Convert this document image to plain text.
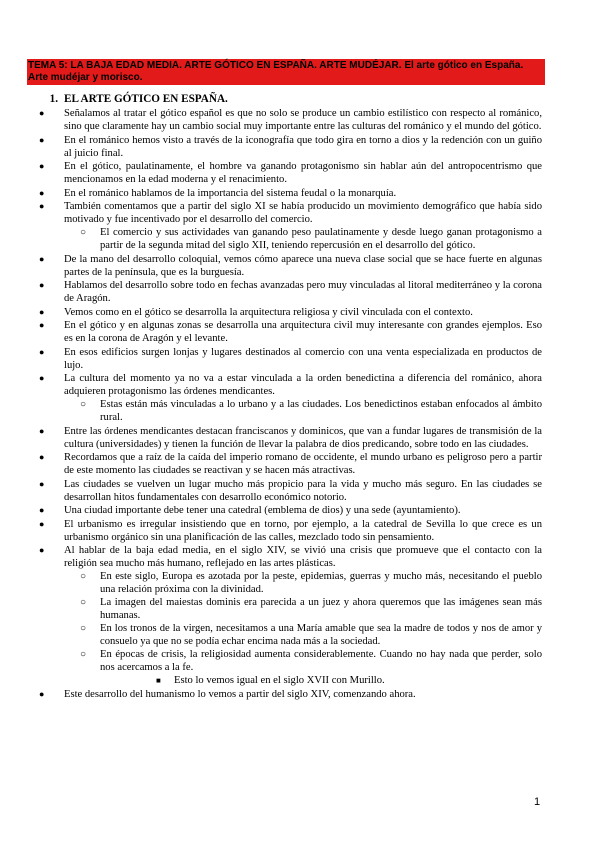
TEMA 5: LA BAJA EDAD MEDIA. ARTE GÓTICO EN ESPAÑA. ARTE MUDÉJAR. El arte gótico en España. Arte mudéjar y morisco.
1. EL ARTE GÓTICO EN ESPAÑA.
● Señalamos al tratar el gótico español es que no solo se produce un cambio estilístico con respecto al románico, sino que claramente hay un cambio social muy importante entre las culturas del románico y el mundo del gótico.
● En el románico hemos visto a través de la iconografía que todo gira en torno a dios y la redención con un guiño al juicio final.
● En el gótico, paulatinamente, el hombre va ganando protagonismo sin hablar aún del antropocentrismo que mencionamos en la edad moderna y el renacimiento.
● En el románico hablamos de la importancia del sistema feudal o la monarquía.
● También comentamos que a partir del siglo XI se había producido un movimiento demográfico que había sido motivado y fue incentivado por el desarrollo del comercio.
○ El comercio y sus actividades van ganando peso paulatinamente y desde luego ganan protagonismo a partir de la segunda mitad del siglo XII, teniendo repercusión en el desarrollo del gótico.
● De la mano del desarrollo coloquial, vemos cómo aparece una nueva clase social que se hace fuerte en algunas partes de la península, que es la burguesía.
● Hablamos del desarrollo sobre todo en fechas avanzadas pero muy vinculadas al litoral mediterráneo y la corona de Aragón.
● Vemos como en el gótico se desarrolla la arquitectura religiosa y civil vinculada con el contexto.
● En el gótico y en algunas zonas se desarrolla una arquitectura civil muy interesante con grandes ejemplos. Eso es en la corona de Aragón y el levante.
● En esos edificios surgen lonjas y lugares destinados al comercio con una venta especializada en productos de lujo.
● La cultura del momento ya no va a estar vinculada a la orden benedictina a diferencia del románico, ahora adquieren protagonismo las órdenes mendicantes.
○ Estas están más vinculadas a lo urbano y a las ciudades. Los benedictinos estaban enfocados al ámbito rural.
● Entre las órdenes mendicantes destacan franciscanos y dominicos, que van a fundar lugares de transmisión de la cultura (universidades) y tienen la función de llevar la palabra de dios predicando, sobre todo en las ciudades.
● Recordamos que a raíz de la caída del imperio romano de occidente, el mundo urbano es peligroso pero a partir de este momento las ciudades se reactivan y se hacen más atractivas.
● Las ciudades se vuelven un lugar mucho más propicio para la vida y mucho más seguro. En las ciudades se desarrollan hitos fundamentales con desarrollo económico notorio.
● Una ciudad importante debe tener una catedral (emblema de dios) y una sede (ayuntamiento).
● El urbanismo es irregular insistiendo que en torno, por ejemplo, a la catedral de Sevilla lo que crece es un urbanismo orgánico sin una planificación de las calles, mezclado todo sin pensamiento.
● Al hablar de la baja edad media, en el siglo XIV, se vivió una crisis que promueve que el contacto con la religión sea mucho más humano, reflejado en las artes plásticas.
○ En este siglo, Europa es azotada por la peste, epidemias, guerras y mucho más, necesitando el pueblo una relación próxima con la divinidad.
○ La imagen del maiestas dominis era parecida a un juez y ahora queremos que las imágenes sean más humanas.
○ En los tronos de la virgen, necesitamos a una María amable que sea la madre de todos y nos de amor y consuelo ya que no se podía echar encima nada más a la sociedad.
○ En épocas de crisis, la religiosidad aumenta considerablemente. Cuando no hay nada que perder, solo nos acercamos a la fe.
■ Esto lo vemos igual en el siglo XVII con Murillo.
● Este desarrollo del humanismo lo vemos a partir del siglo XIV, comenzando ahora.
1
